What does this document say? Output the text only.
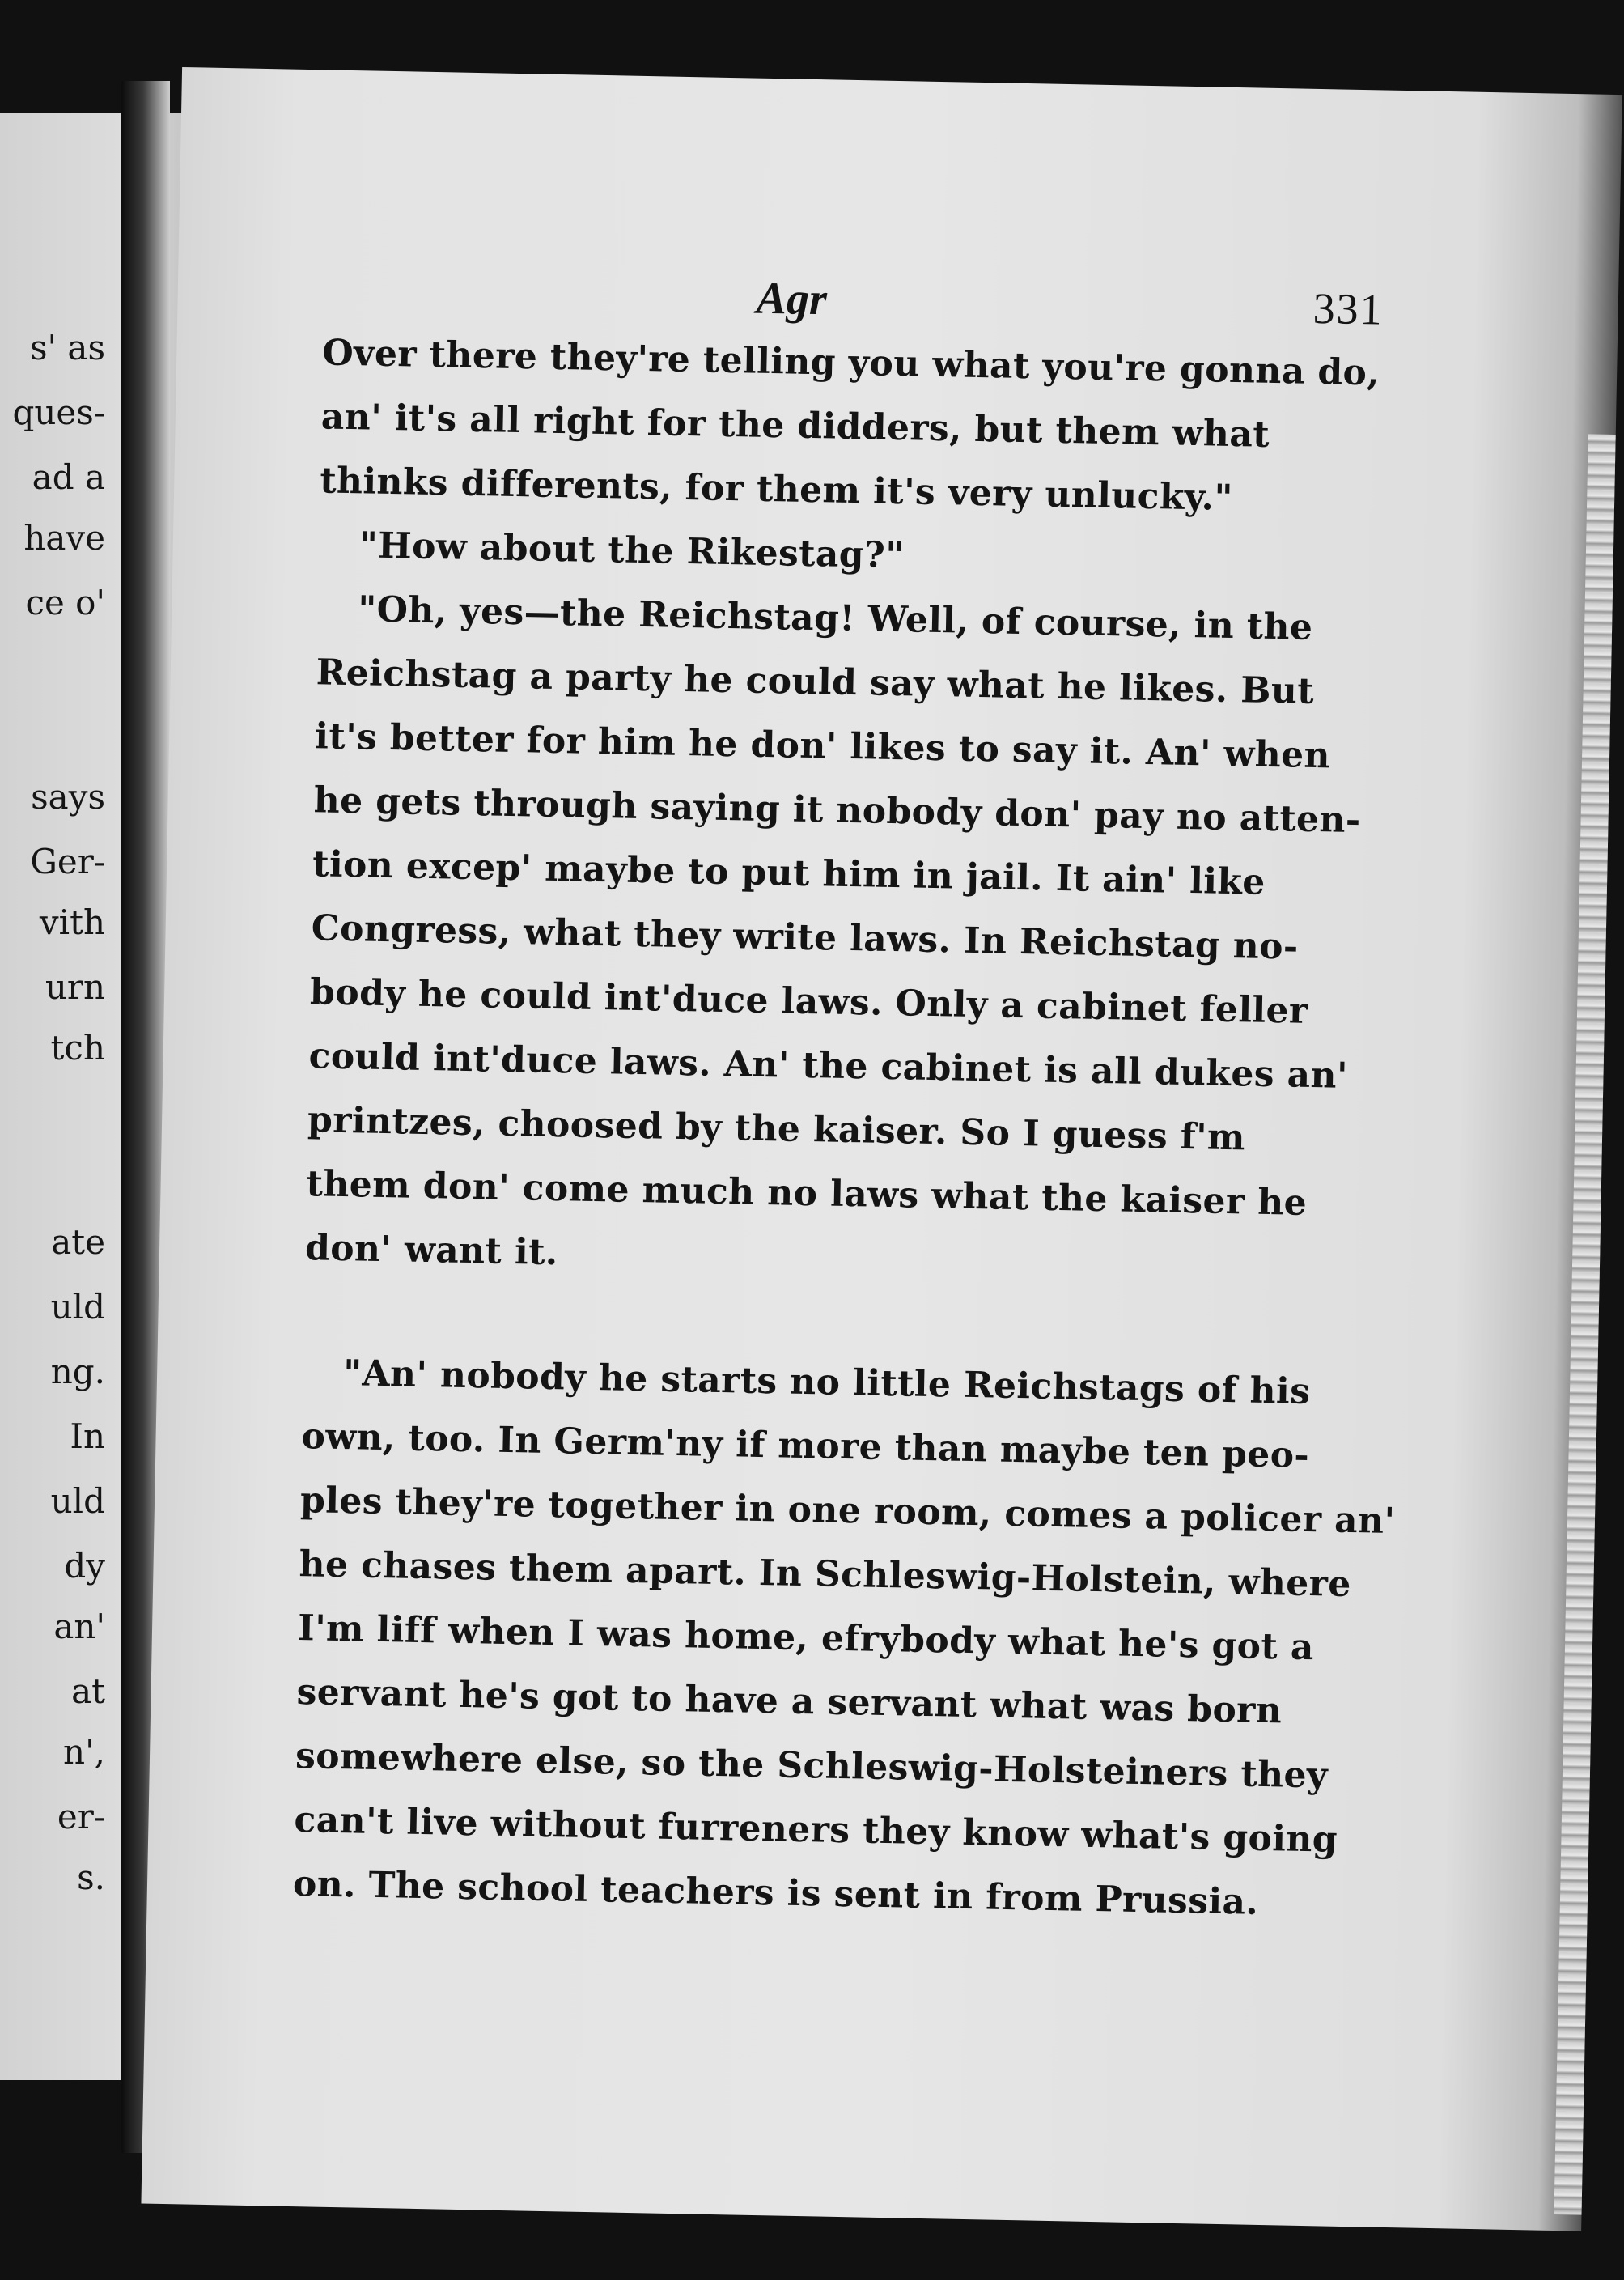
s' as
ques-
ad a
have
ce o'
says
Ger-
vith
urn
tch
ate
uld
ng.
In
uld
dy
an'
at
n',
er-
s.
Agr	331
Over there they're telling you what you're gonna do,
an' it's all right for the didders, but them what
thinks differents, for them it's very unlucky."
"How about the Rikestag?"
"Oh, yes—the Reichstag! Well, of course, in the
Reichstag a party he could say what he likes. But
it's better for him he don' likes to say it. An' when
he gets through saying it nobody don' pay no atten-
tion excep' maybe to put him in jail. It ain' like
Congress, what they write laws. In Reichstag no-
body he could int'duce laws. Only a cabinet feller
could int'duce laws. An' the cabinet is all dukes an'
printzes, choosed by the kaiser. So I guess f'm
them don' come much no laws what the kaiser he
don' want it.
"An' nobody he starts no little Reichstags of his
own, too. In Germ'ny if more than maybe ten peo-
ples they're together in one room, comes a policer an'
he chases them apart. In Schleswig-Holstein, where
I'm liff when I was home, efrybody what he's got a
servant he's got to have a servant what was born
somewhere else, so the Schleswig-Holsteiners they
can't live without furreners they know what's going
on. The school teachers is sent in from Prussia.
